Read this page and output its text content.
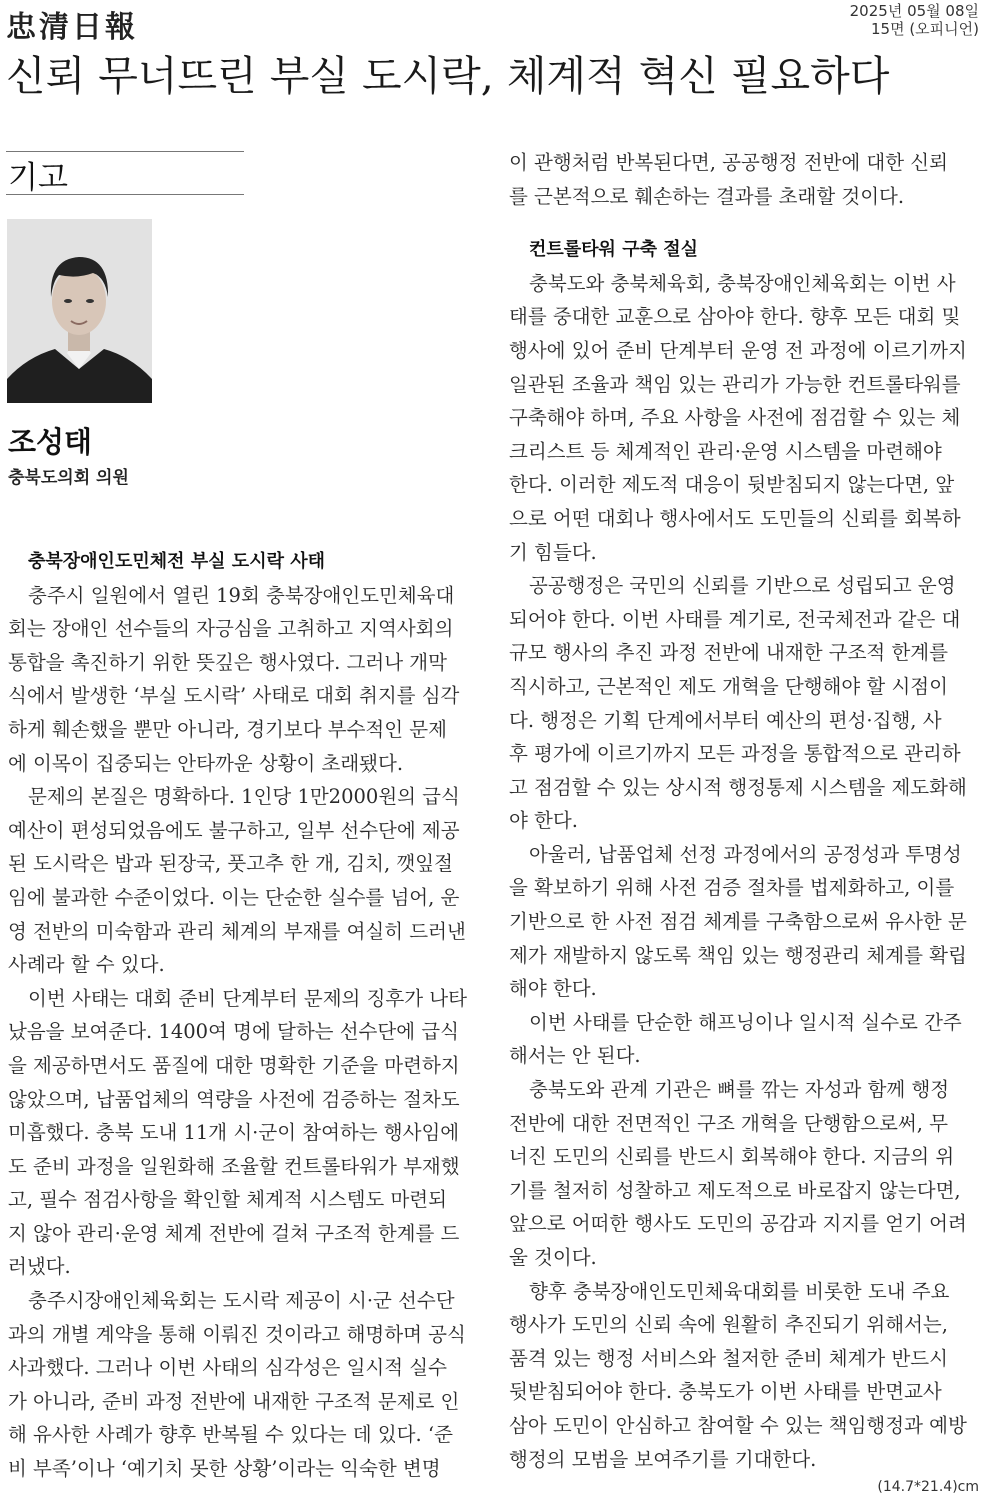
忠清日報	2025년 05월 08일
15면 (오피니언)
신뢰 무너뜨린 부실 도시락, 체계적 혁신 필요하다
기고
조성태
충북도의회 의원
충북장애인도민체전 부실 도시락 사태
충주시 일원에서 열린 19회 충북장애인도민체육대
회는 장애인 선수들의 자긍심을 고취하고 지역사회의
통합을 촉진하기 위한 뜻깊은 행사였다. 그러나 개막
식에서 발생한 ‘부실 도시락’ 사태로 대회 취지를 심각
하게 훼손했을 뿐만 아니라, 경기보다 부수적인 문제
에 이목이 집중되는 안타까운 상황이 초래됐다.
문제의 본질은 명확하다. 1인당 1만2000원의 급식
예산이 편성되었음에도 불구하고, 일부 선수단에 제공
된 도시락은 밥과 된장국, 풋고추 한 개, 김치, 깻잎절
임에 불과한 수준이었다. 이는 단순한 실수를 넘어, 운
영 전반의 미숙함과 관리 체계의 부재를 여실히 드러낸
사례라 할 수 있다.
이번 사태는 대회 준비 단계부터 문제의 징후가 나타
났음을 보여준다. 1400여 명에 달하는 선수단에 급식
을 제공하면서도 품질에 대한 명확한 기준을 마련하지
않았으며, 납품업체의 역량을 사전에 검증하는 절차도
미흡했다. 충북 도내 11개 시·군이 참여하는 행사임에
도 준비 과정을 일원화해 조율할 컨트롤타워가 부재했
고, 필수 점검사항을 확인할 체계적 시스템도 마련되
지 않아 관리·운영 체계 전반에 걸쳐 구조적 한계를 드
러냈다.
충주시장애인체육회는 도시락 제공이 시·군 선수단
과의 개별 계약을 통해 이뤄진 것이라고 해명하며 공식
사과했다. 그러나 이번 사태의 심각성은 일시적 실수
가 아니라, 준비 과정 전반에 내재한 구조적 문제로 인
해 유사한 사례가 향후 반복될 수 있다는 데 있다. ‘준
비 부족’이나 ‘예기치 못한 상황’이라는 익숙한 변명
이 관행처럼 반복된다면, 공공행정 전반에 대한 신뢰
를 근본적으로 훼손하는 결과를 초래할 것이다.
컨트롤타워 구축 절실
충북도와 충북체육회, 충북장애인체육회는 이번 사
태를 중대한 교훈으로 삼아야 한다. 향후 모든 대회 및
행사에 있어 준비 단계부터 운영 전 과정에 이르기까지
일관된 조율과 책임 있는 관리가 가능한 컨트롤타워를
구축해야 하며, 주요 사항을 사전에 점검할 수 있는 체
크리스트 등 체계적인 관리·운영 시스템을 마련해야
한다. 이러한 제도적 대응이 뒷받침되지 않는다면, 앞
으로 어떤 대회나 행사에서도 도민들의 신뢰를 회복하
기 힘들다.
공공행정은 국민의 신뢰를 기반으로 성립되고 운영
되어야 한다. 이번 사태를 계기로, 전국체전과 같은 대
규모 행사의 추진 과정 전반에 내재한 구조적 한계를
직시하고, 근본적인 제도 개혁을 단행해야 할 시점이
다. 행정은 기획 단계에서부터 예산의 편성·집행, 사
후 평가에 이르기까지 모든 과정을 통합적으로 관리하
고 점검할 수 있는 상시적 행정통제 시스템을 제도화해
야 한다.
아울러, 납품업체 선정 과정에서의 공정성과 투명성
을 확보하기 위해 사전 검증 절차를 법제화하고, 이를
기반으로 한 사전 점검 체계를 구축함으로써 유사한 문
제가 재발하지 않도록 책임 있는 행정관리 체계를 확립
해야 한다.
이번 사태를 단순한 해프닝이나 일시적 실수로 간주
해서는 안 된다.
충북도와 관계 기관은 뼈를 깎는 자성과 함께 행정
전반에 대한 전면적인 구조 개혁을 단행함으로써, 무
너진 도민의 신뢰를 반드시 회복해야 한다. 지금의 위
기를 철저히 성찰하고 제도적으로 바로잡지 않는다면,
앞으로 어떠한 행사도 도민의 공감과 지지를 얻기 어려
울 것이다.
향후 충북장애인도민체육대회를 비롯한 도내 주요
행사가 도민의 신뢰 속에 원활히 추진되기 위해서는,
품격 있는 행정 서비스와 철저한 준비 체계가 반드시
뒷받침되어야 한다. 충북도가 이번 사태를 반면교사
삼아 도민이 안심하고 참여할 수 있는 책임행정과 예방
행정의 모범을 보여주기를 기대한다.
(14.7*21.4)cm
